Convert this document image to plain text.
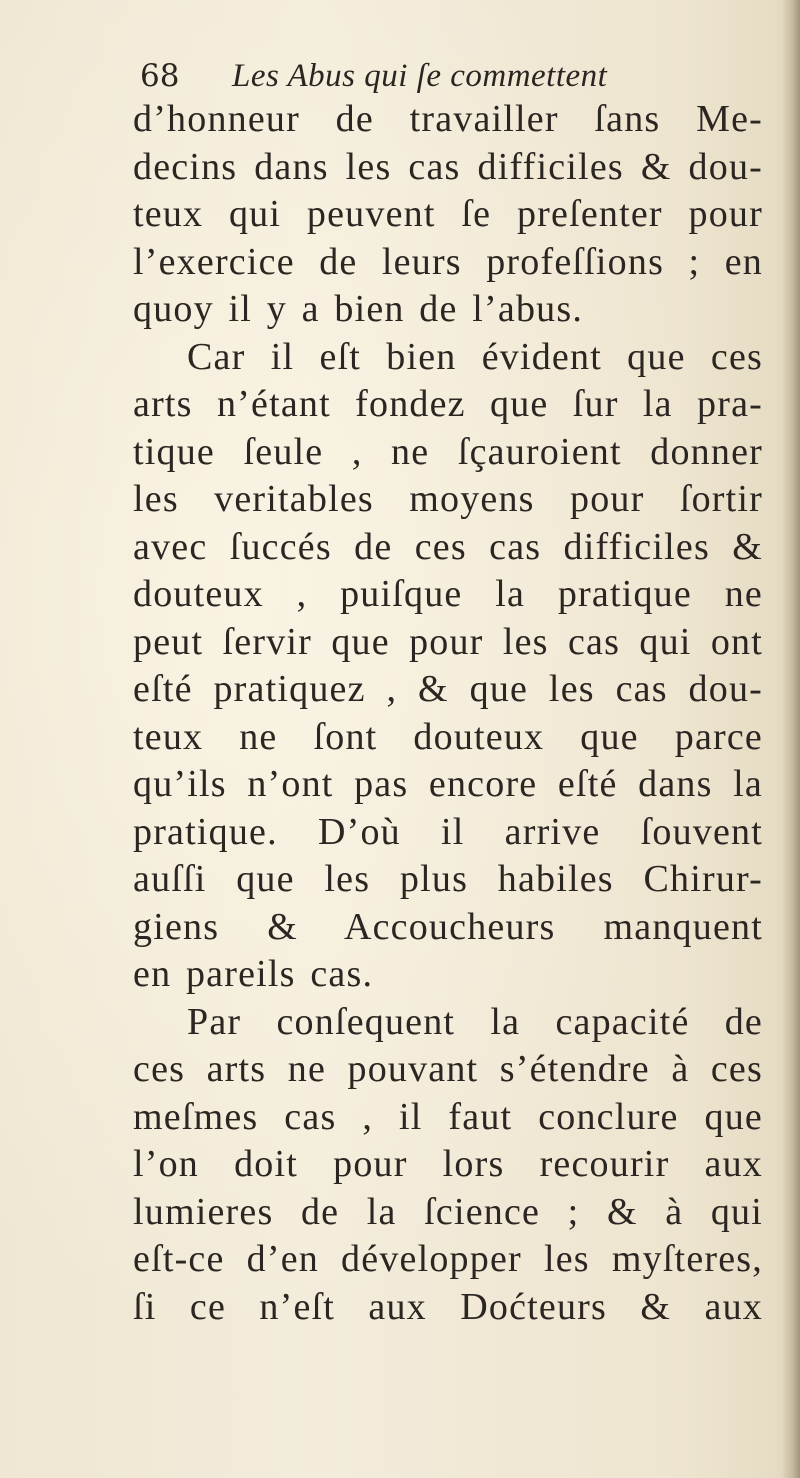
68 Les Abus qui ſe commettent
d’honneur de travailler ſans Me-
decins dans les cas difficiles & dou-
teux qui peuvent ſe preſenter pour
l’exercice de leurs profeſſions ; en
quoy il y a bien de l’abus.
Car il eſt bien évident que ces
arts n’étant fondez que ſur la pra-
tique ſeule , ne ſçauroient donner
les veritables moyens pour ſortir
avec ſuccés de ces cas difficiles &
douteux , puiſque la pratique ne
peut ſervir que pour les cas qui ont
eſté pratiquez , & que les cas dou-
teux ne ſont douteux que parce
qu’ils n’ont pas encore eſté dans la
pratique. D’où il arrive ſouvent
auſſi que les plus habiles Chirur-
giens & Accoucheurs manquent
en pareils cas.
Par conſequent la capacité de
ces arts ne pouvant s’étendre à ces
meſmes cas , il faut conclure que
l’on doit pour lors recourir aux
lumieres de la ſcience ; & à qui
eſt-ce d’en développer les myſteres,
ſi ce n’eſt aux Doćteurs & aux
